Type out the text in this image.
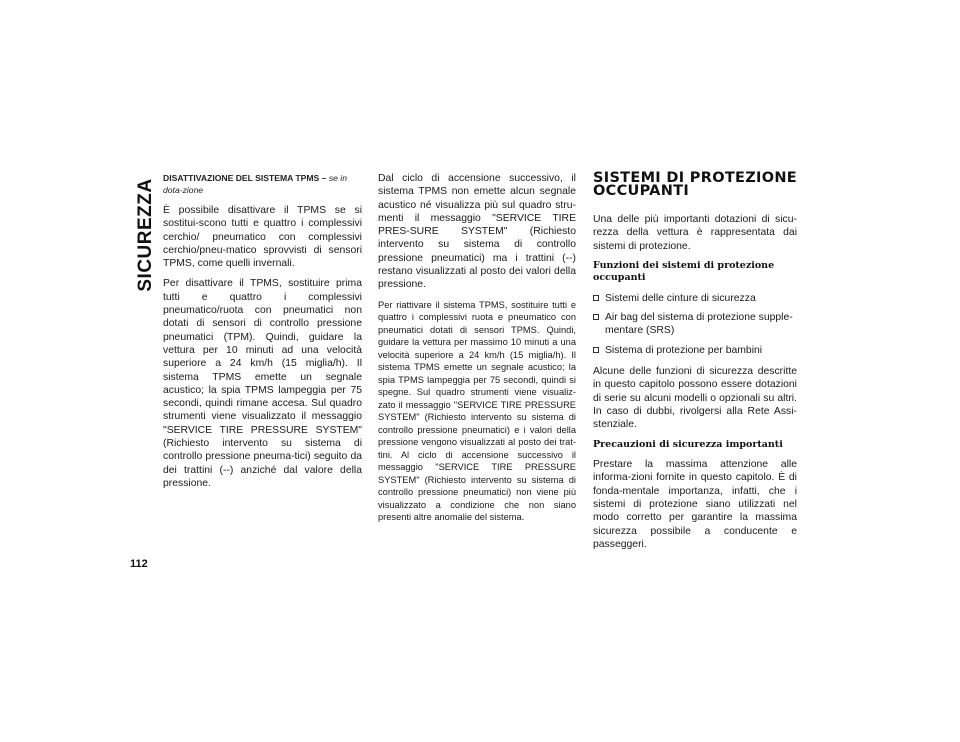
SICUREZZA
112
DISATTIVAZIONE DEL SISTEMA TPMS – se in dota-zione

È possibile disattivare il TPMS se si sostitui-scono tutti e quattro i complessivi cerchio/ pneumatico con complessivi cerchio/pneu-matico sprovvisti di sensori TPMS, come quelli invernali.

Per disattivare il TPMS, sostituire prima tutti e quattro i complessivi pneumatico/ruota con pneumatici non dotati di sensori di controllo pressione pneumatici (TPM). Quindi, guidare la vettura per 10 minuti ad una velocità superiore a 24 km/h (15 miglia/h). Il sistema TPMS emette un segnale acustico; la spia TPMS lampeggia per 75 secondi, quindi rimane accesa. Sul quadro strumenti viene visualizzato il messaggio "SERVICE TIRE PRESSURE SYSTEM" (Richiesto intervento su sistema di controllo pressione pneuma-tici) seguito da dei trattini (--) anziché dal valore della pressione.

Dal ciclo di accensione successivo, il sistema TPMS non emette alcun segnale acustico né visualizza più sul quadro stru-menti il messaggio "SERVICE TIRE PRES-SURE SYSTEM" (Richiesto intervento su sistema di controllo pressione pneumatici) ma i trattini (--) restano visualizzati al posto dei valori della pressione.

Per riattivare il sistema TPMS, sostituire tutti e quattro i complessivi ruota e pneumatico con pneumatici dotati di sensori TPMS. Quindi, guidare la vettura per massimo 10 minuti a una velocità superiore a 24 km/h (15 miglia/h). Il sistema TPMS emette un segnale acustico; la spia TPMS lampeggia per 75 secondi, quindi si spegne. Sul quadro strumenti viene visualiz-zato il messaggio "SERVICE TIRE PRESSURE SYSTEM" (Richiesto intervento su sistema di controllo pressione pneumatici) e i valori della pressione vengono visualizzati al posto dei trat-tini. Al ciclo di accensione successivo il messaggio "SERVICE TIRE PRESSURE SYSTEM" (Richiesto intervento su sistema di controllo pressione pneumatici) non viene più visualizzato a condizione che non siano presenti altre anomalie del sistema.

SISTEMI DI PROTEZIONE OCCUPANTI

Una delle più importanti dotazioni di sicu-rezza della vettura è rappresentata dai sistemi di protezione.

Funzioni dei sistemi di protezione occupanti
Sistemi delle cinture di sicurezza
Air bag del sistema di protezione supple-mentare (SRS)
Sistema di protezione per bambini

Alcune delle funzioni di sicurezza descritte in questo capitolo possono essere dotazioni di serie su alcuni modelli o opzionali su altri. In caso di dubbi, rivolgersi alla Rete Assi-stenziale.

Precauzioni di sicurezza importanti

Prestare la massima attenzione alle informa-zioni fornite in questo capitolo. È di fonda-mentale importanza, infatti, che i sistemi di protezione siano utilizzati nel modo corretto per garantire la massima sicurezza possibile a conducente e passeggeri.
